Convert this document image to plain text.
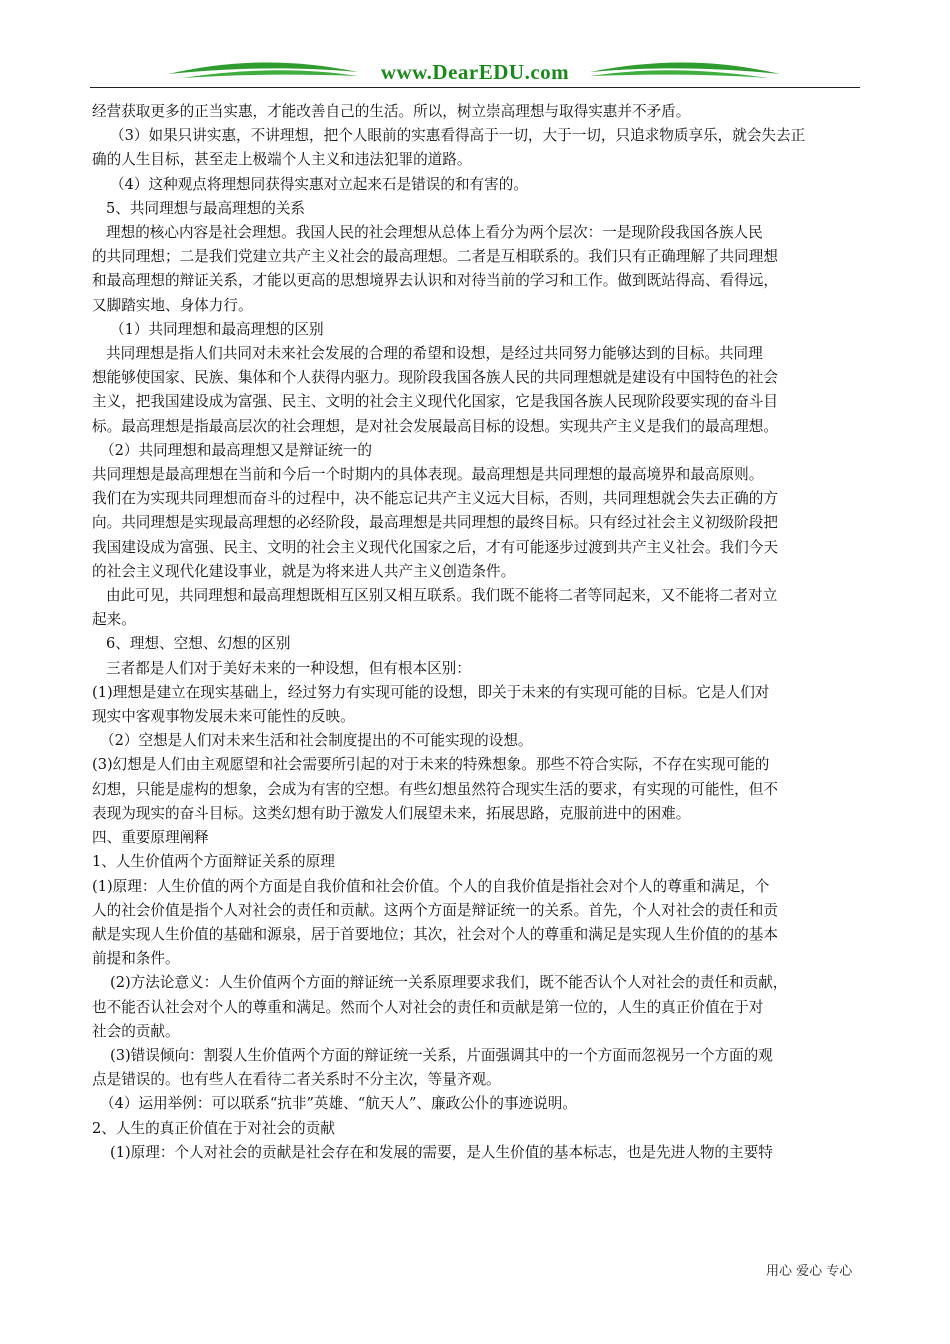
www.DearEDU.com

经营获取更多的正当实惠，才能改善自己的生活。所以，树立崇高理想与取得实惠并不矛盾。

（3）如果只讲实惠，不讲理想，把个人眼前的实惠看得高于一切，大于一切，只追求物质享乐，就会失去正

确的人生目标，甚至走上极端个人主义和违法犯罪的道路。

（4）这种观点将理想同获得实惠对立起来石是错误的和有害的。

5、共同理想与最高理想的关系

理想的核心内容是社会理想。我国人民的社会理想从总体上看分为两个层次：一是现阶段我国各族人民

的共同理想；二是我们党建立共产主义社会的最高理想。二者是互相联系的。我们只有正确理解了共同理想

和最高理想的辩证关系，才能以更高的思想境界去认识和对待当前的学习和工作。做到既站得高、看得远，

又脚踏实地、身体力行。

（1）共同理想和最高理想的区别

共同理想是指人们共同对未来社会发展的合理的希望和设想，是经过共同努力能够达到的目标。共同理

想能够使国家、民族、集体和个人获得内驱力。现阶段我国各族人民的共同理想就是建设有中国特色的社会

主义，把我国建设成为富强、民主、文明的社会主义现代化国家，它是我国各族人民现阶段要实现的奋斗目

标。最高理想是指最高层次的社会理想，是对社会发展最高目标的设想。实现共产主义是我们的最高理想。

（2）共同理想和最高理想又是辩证统一的

共同理想是最高理想在当前和今后一个时期内的具体表现。最高理想是共同理想的最高境界和最高原则。

我们在为实现共同理想而奋斗的过程中，决不能忘记共产主义远大目标，否则，共同理想就会失去正确的方

向。共同理想是实现最高理想的必经阶段，最高理想是共同理想的最终目标。只有经过社会主义初级阶段把

我国建设成为富强、民主、文明的社会主义现代化国家之后，才有可能逐步过渡到共产主义社会。我们今天

的社会主义现代化建设事业，就是为将来进人共产主义创造条件。

由此可见，共同理想和最高理想既相互区别又相互联系。我们既不能将二者等同起来，又不能将二者对立

起来。

6、理想、空想、幻想的区别

三者都是人们对于美好未来的一种设想，但有根本区别：

(1)理想是建立在现实基础上，经过努力有实现可能的设想，即关于未来的有实现可能的目标。它是人们对

现实中客观事物发展未来可能性的反映。

（2）空想是人们对未来生活和社会制度提出的不可能实现的设想。

(3)幻想是人们由主观愿望和社会需要所引起的对于未来的特殊想象。那些不符合实际，不存在实现可能的

幻想，只能是虚构的想象，会成为有害的空想。有些幻想虽然符合现实生活的要求，有实现的可能性，但不

表现为现实的奋斗目标。这类幻想有助于激发人们展望未来，拓展思路，克服前进中的困难。

四、重要原理阐释

1、人生价值两个方面辩证关系的原理

(1)原理：人生价值的两个方面是自我价值和社会价值。个人的自我价值是指社会对个人的尊重和满足，个

人的社会价值是指个人对社会的责任和贡献。这两个方面是辩证统一的关系。首先，个人对社会的责任和贡

献是实现人生价值的基础和源泉，居于首要地位；其次，社会对个人的尊重和满足是实现人生价值的的基本

前提和条件。

(2)方法论意义：人生价值两个方面的辩证统一关系原理要求我们，既不能否认个人对社会的责任和贡献，

也不能否认社会对个人的尊重和满足。然而个人对社会的责任和贡献是第一位的，人生的真正价值在于对

社会的贡献。

(3)错误倾向：割裂人生价值两个方面的辩证统一关系，片面强调其中的一个方面而忽视另一个方面的观

点是错误的。也有些人在看待二者关系时不分主次，等量齐观。

（4）运用举例：可以联系“抗非”英雄、“航天人”、廉政公仆的事迹说明。

2、人生的真正价值在于对社会的贡献

(1)原理：个人对社会的贡献是社会存在和发展的需要，是人生价值的基本标志，也是先进人物的主要特

用心 爱心 专心
